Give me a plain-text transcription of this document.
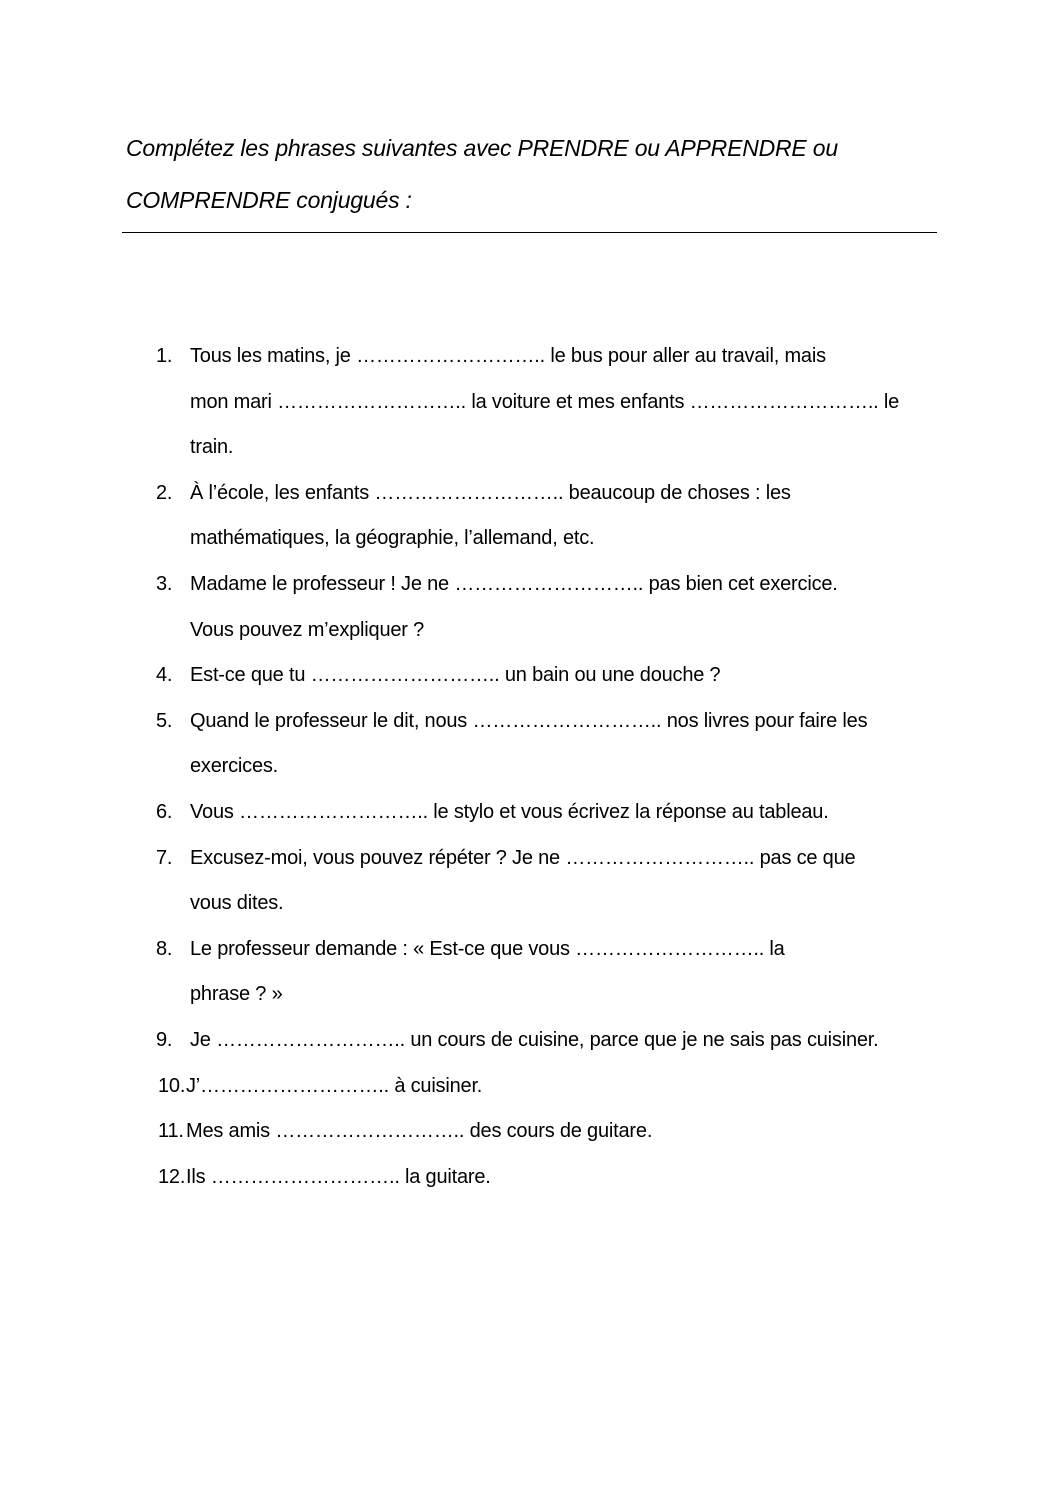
Complétez les phrases suivantes avec PRENDRE ou APPRENDRE ou
COMPRENDRE conjugués :
1. Tous les matins, je ……………………….. le bus pour aller au travail, mais
mon mari ……………………….. la voiture et mes enfants ……………………….. le
train.
2. À l’école, les enfants ……………………….. beaucoup de choses : les
mathématiques, la géographie, l’allemand, etc.
3. Madame le professeur ! Je ne ……………………….. pas bien cet exercice.
Vous pouvez m’expliquer ?
4. Est-ce que tu ……………………….. un bain ou une douche ?
5. Quand le professeur le dit, nous ……………………….. nos livres pour faire les
exercices.
6. Vous ……………………….. le stylo et vous écrivez la réponse au tableau.
7. Excusez-moi, vous pouvez répéter ? Je ne ……………………….. pas ce que
vous dites.
8. Le professeur demande : « Est-ce que vous ……………………….. la
phrase ? »
9. Je ……………………….. un cours de cuisine, parce que je ne sais pas cuisiner.
10. J’……………………….. à cuisiner.
11. Mes amis ……………………….. des cours de guitare.
12. Ils ……………………….. la guitare.
